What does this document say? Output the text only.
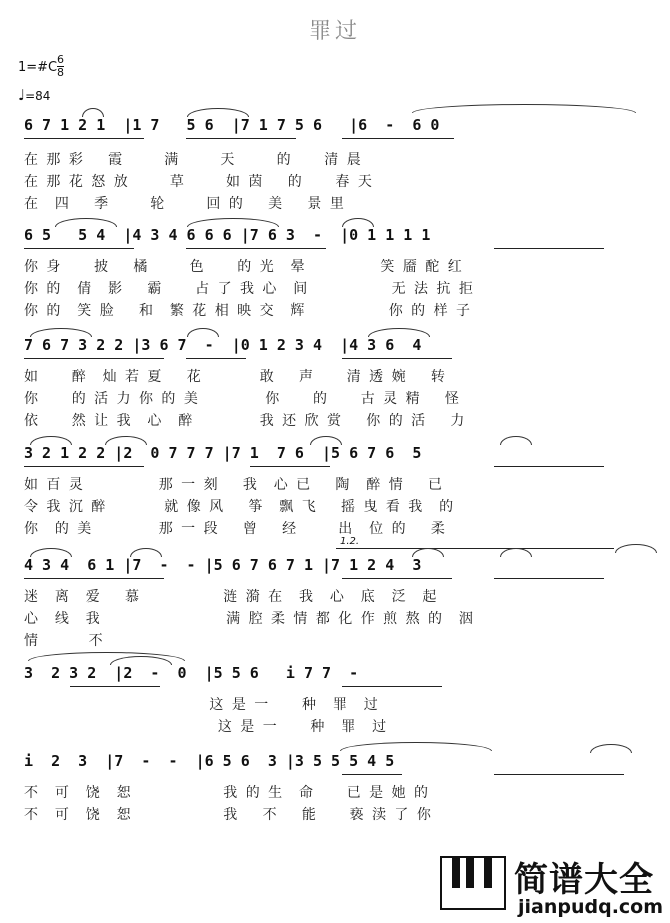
罪过
1=#C $\frac{6}{8}$
♩=84
6 7 1 2 1  |1 7   5 6  |7 1 7 5 6   |6  -  6 0
在 那 彩   霞     满     天     的    清 晨
在 那 花 怒 放     草     如 茵   的    春 天
在  四   季     轮     回 的   美   景 里
6 5   5 4  |4 3 4 6 6 6 |7 6 3  -  |0 1 1 1 1
你 身    披   橘     色    的 光  晕         笑 靥 酡 红
你 的  倩  影   霸    占 了 我 心  间          无 法 抗 拒
你 的  笑 脸   和  繁 花 相 映 交  辉          你 的 样 子
7 6 7 3 2 2 |3 6 7  -  |0 1 2 3 4  |4 3 6  4
如    醉  灿 若 夏   花       敢   声    清 透 婉   转
你    的 活 力 你 的 美        你    的    古 灵 精   怪
依    然 让 我  心  醉        我 还 欣 赏   你 的 活   力
3 2 1 2 2 |2  0 7 7 7 |7 1  7 6  |5 6 7 6  5
如 百 灵         那 一 刻   我  心 已   陶  醉 情   已
令 我 沉 醉       就 像 风   筝  飘 飞   摇 曳 看 我  的
你  的 美        那 一 段   曾   经     出  位 的   柔
4 3 4  6 1 |7  -  - |5 6 7 6 7 1 |7 1 2 4  3
1.2.
迷  离  爱   慕          涟 漪 在  我  心  底  泛  起
心  线  我               满 腔 柔 情 都 化 作 煎 熬 的  洇
情      不
3  2 3 2  |2  -  0  |5 5 6   i 7 7  -
这 是 一    种  罪  过
这 是 一    种  罪  过
i  2  3  |7  -  -  |6 5 6  3 |3 5 5 5 4 5
不  可  饶  恕           我 的 生  命    已 是 她 的
不  可  饶  恕           我   不   能    亵 渎 了 你
简谱大全
jianpudq.com
